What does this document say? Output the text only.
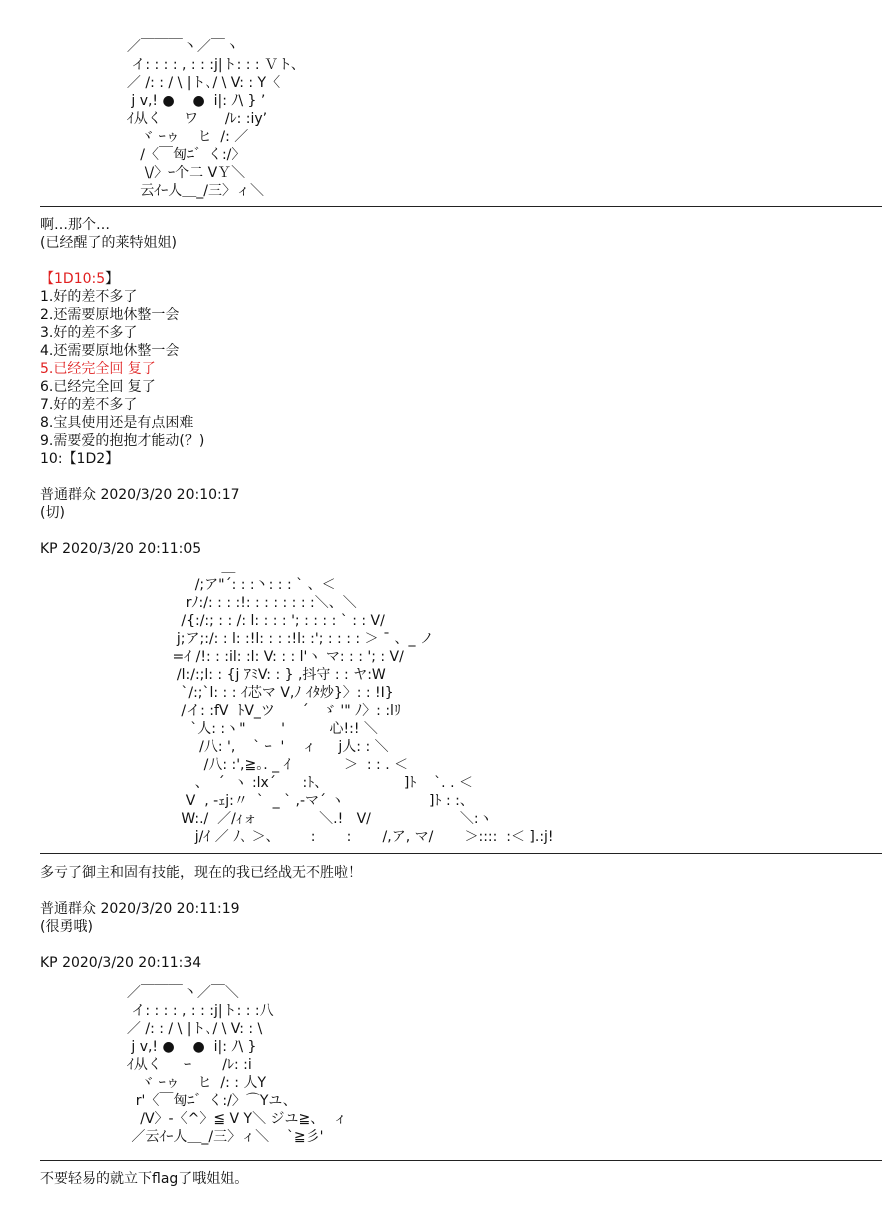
／￣￣￣丶／￣ヽ
イ: : : : , : : :j|ト: : : Ｖト、
／ /: : / \ |ト､/ \ V: : Y〈
j v,! ●    ●  i|: ﾉ\ } ’
ｲ从く     ワ      /ﾚ: :iy’
ヾ ｰゥ    ヒ  /: ／
/〈￣匈ﾆ゛く:/〉
\/〉ｰ个二 VＹ＼
云ｲｰ人＿_/三〉ィ＼
啊…那个…
(已经醒了的莱特姐姐)
【1D10:5】
1.好的差不多了
2.还需要原地休整一会
3.好的差不多了
4.还需要原地休整一会
5.已经完全回 复了
6.已经完全回 复了
7.好的差不多了
8.宝具使用还是有点困难
9.需要爱的抱抱才能动(？)
10:【1D2】
普通群众 2020/3/20 20:10:17
(切)
KP 2020/3/20 20:11:05
＿
/;ア"´: : :丶: : : ` 、＜
rﾉ:/: : : :!: : : : : : : :＼、＼
/{:/:; : : /: l: : : : '; : : : : ` : : V/
j;ア;:/: : l: :!l: : : :!l: :'; : : : : ＞ ¯ 、_ ノ
=ｲ /!: : :il: :l: V: : : l'ヽ マ: : : '; : V/
/l:/:;l: : {j ｱﾐV: : } ,抖守 : : ヤ:W
`/:;`l: : : ｲ芯マ V,ﾉ ｲﾀ炒}〉: : !I}
/イ: :fV  ﾄV_ツ      ´   ゞ '" ﾉ〉: :lﾘ
`人: :ヽ"        '          心!:! ＼
/八: ',    ` ｰ  '    ィ     j人: : ＼
/八: :',≧｡. _ ｲ            ＞  : : . ＜
、  ´  ヽ :lx´      :ﾄ、                 ]ﾄ    `. . ＜
V  , -ｪj:〃  `  _ ` ,-マ´ ヽ                   ]ﾄ : :、
W:./  ／/ｨォ              ＼.!   V/                    ＼:ヽ
j/ｲ ／ ﾉ､ ＞、       :       :       /,ア, マ/       ＞::::  :＜ ].:j!
多亏了御主和固有技能，现在的我已经战无不胜啦！
普通群众 2020/3/20 20:11:19
(很勇哦)
KP 2020/3/20 20:11:34
／￣￣￣丶／￣＼
イ: : : : , : : :j|ト: : :八
／ /: : / \ |ト､/ \ V: : \
j v,! ●    ●  i|: ﾉ\ }
ｲ从く     ｰ       /ﾚ: :i
ヾ ｰゥ    ヒ  /: : 人Y
r'〈￣匈ﾆ゛く:/〉⌒Yユ、
/V〉-〈^〉≦ V Y＼ ジユ≧、  ィ
／云ｲｰ人＿_/三〉ィ＼    `≧彡'
不要轻易的就立下flag了哦姐姐。
